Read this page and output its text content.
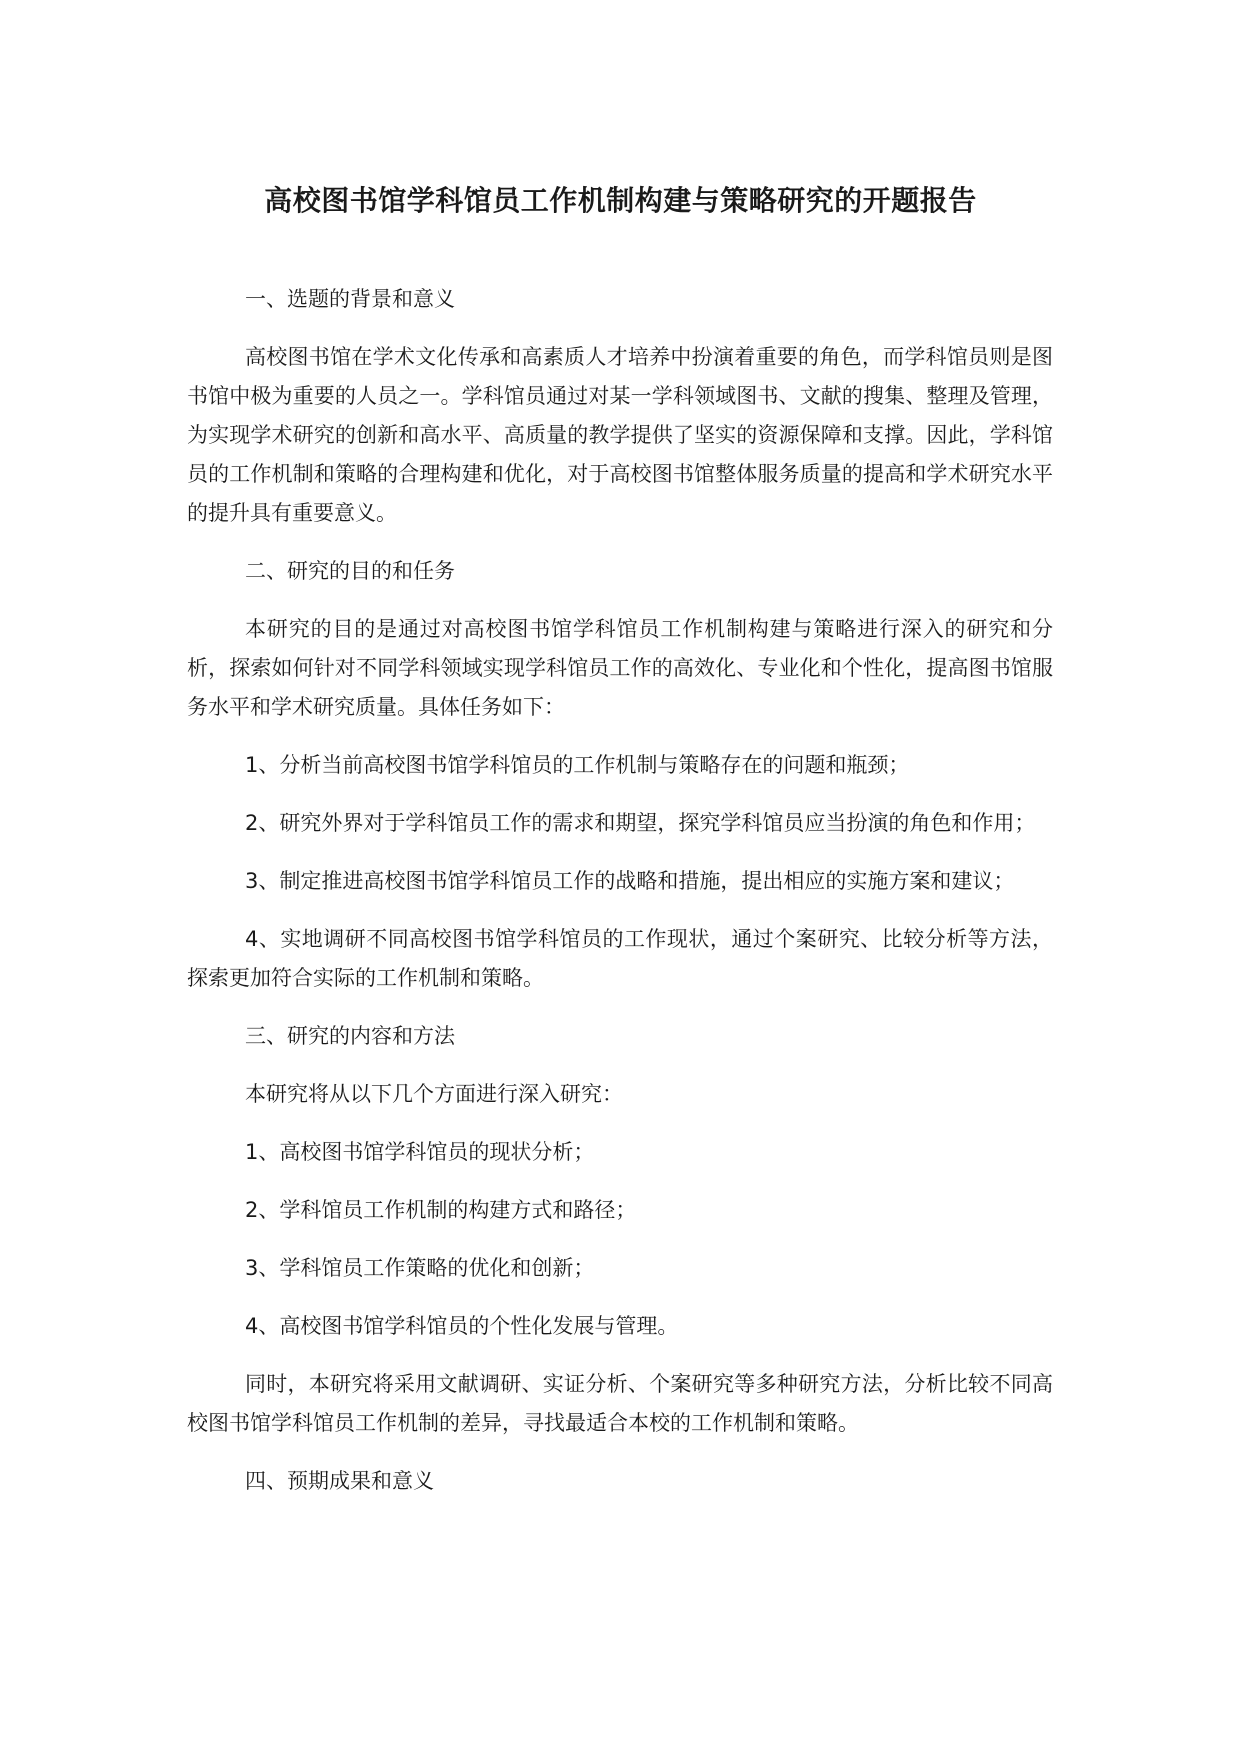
高校图书馆学科馆员工作机制构建与策略研究的开题报告

一、选题的背景和意义

高校图书馆在学术文化传承和高素质人才培养中扮演着重要的角色，而学科馆员则是图书馆中极为重要的人员之一。学科馆员通过对某一学科领域图书、文献的搜集、整理及管理，为实现学术研究的创新和高水平、高质量的教学提供了坚实的资源保障和支撑。因此，学科馆员的工作机制和策略的合理构建和优化，对于高校图书馆整体服务质量的提高和学术研究水平的提升具有重要意义。

二、研究的目的和任务

本研究的目的是通过对高校图书馆学科馆员工作机制构建与策略进行深入的研究和分析，探索如何针对不同学科领域实现学科馆员工作的高效化、专业化和个性化，提高图书馆服务水平和学术研究质量。具体任务如下：

1、分析当前高校图书馆学科馆员的工作机制与策略存在的问题和瓶颈；

2、研究外界对于学科馆员工作的需求和期望，探究学科馆员应当扮演的角色和作用；

3、制定推进高校图书馆学科馆员工作的战略和措施，提出相应的实施方案和建议；

4、实地调研不同高校图书馆学科馆员的工作现状，通过个案研究、比较分析等方法，探索更加符合实际的工作机制和策略。

三、研究的内容和方法

本研究将从以下几个方面进行深入研究：

1、高校图书馆学科馆员的现状分析；

2、学科馆员工作机制的构建方式和路径；

3、学科馆员工作策略的优化和创新；

4、高校图书馆学科馆员的个性化发展与管理。

同时，本研究将采用文献调研、实证分析、个案研究等多种研究方法，分析比较不同高校图书馆学科馆员工作机制的差异，寻找最适合本校的工作机制和策略。

四、预期成果和意义
